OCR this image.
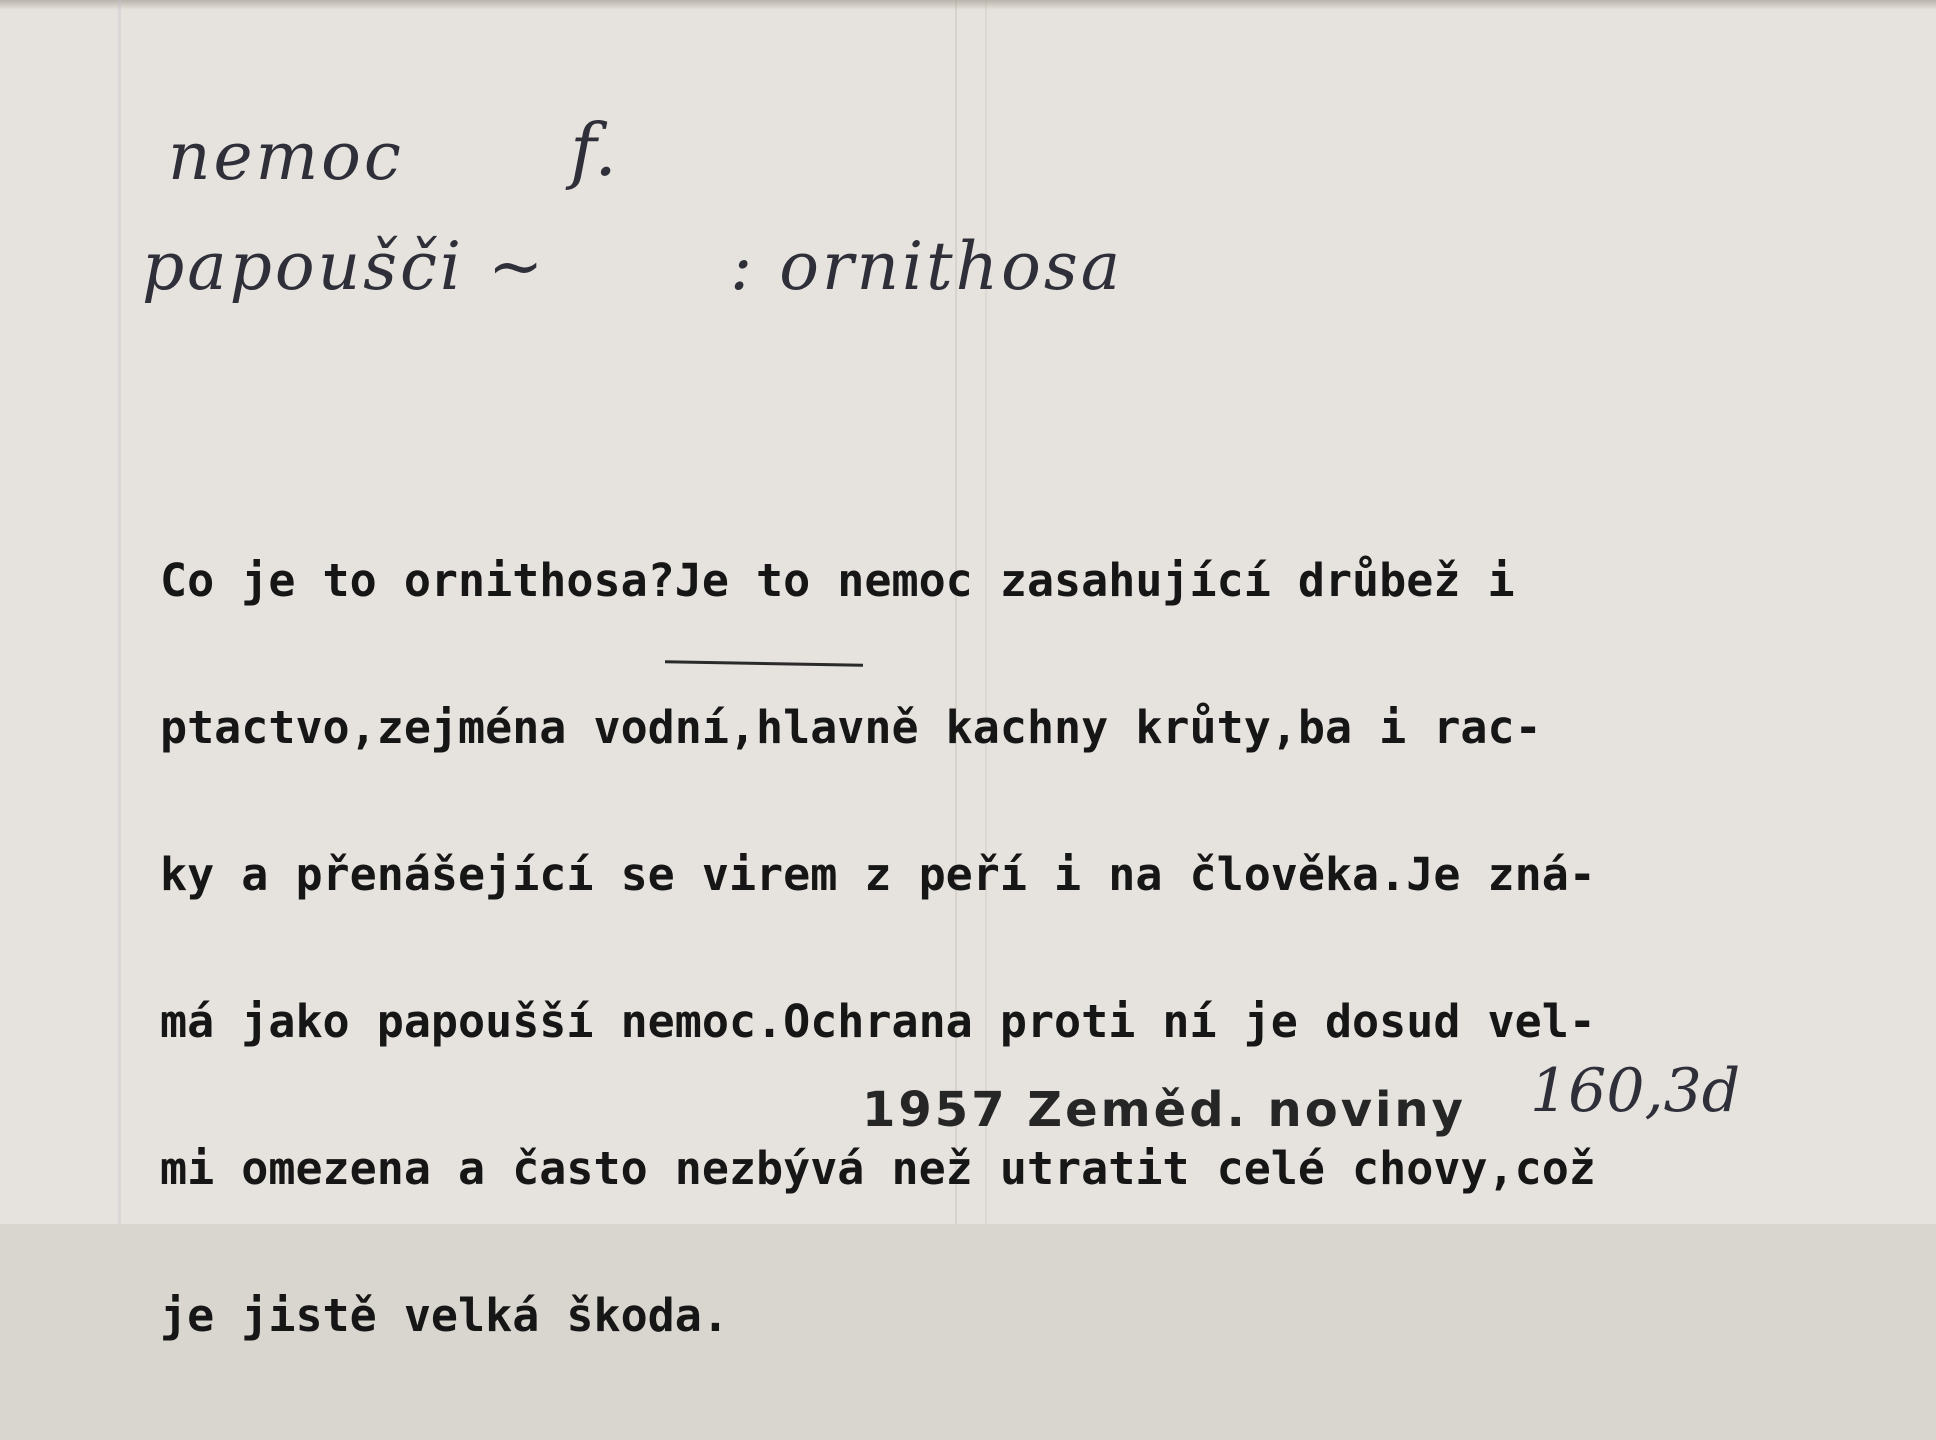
nemoc f.
papoušči ~	: ornithosa

Co je to ornithosa?Je to nemoc zasahující drůbež i

ptactvo,zejména vodní,hlavně kachny krůty,ba i rac-

ky a přenášející se virem z peří i na člověka.Je zná-

má jako papoušší nemoc.Ochrana proti ní je dosud vel-

mi omezena a často nezbývá než utratit celé chovy,což

je jistě velká škoda.

1957 Zeměd. noviny 160,3d
